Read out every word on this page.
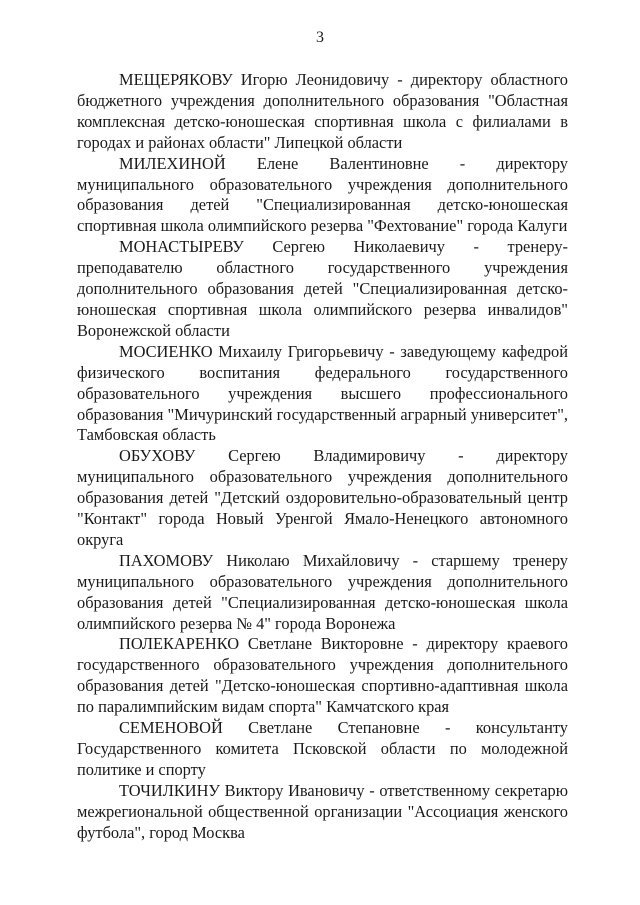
3

МЕЩЕРЯКОВУ Игорю Леонидовичу - директору областного бюджетного учреждения дополнительного образования "Областная комплексная детско-юношеская спортивная школа с филиалами в городах и районах области" Липецкой области

МИЛЕХИНОЙ Елене Валентиновне - директору муниципального образовательного учреждения дополнительного образования детей "Специализированная детско-юношеская спортивная школа олимпийского резерва "Фехтование" города Калуги

МОНАСТЫРЕВУ Сергею Николаевичу - тренеру-преподавателю областного государственного учреждения дополнительного образования детей "Специализированная детско-юношеская спортивная школа олимпийского резерва инвалидов" Воронежской области

МОСИЕНКО Михаилу Григорьевичу - заведующему кафедрой физического воспитания федерального государственного образовательного учреждения высшего профессионального образования "Мичуринский государственный аграрный университет", Тамбовская область

ОБУХОВУ Сергею Владимировичу - директору муниципального образовательного учреждения дополнительного образования детей "Детский оздоровительно-образовательный центр "Контакт" города Новый Уренгой Ямало-Ненецкого автономного округа

ПАХОМОВУ Николаю Михайловичу - старшему тренеру муниципального образовательного учреждения дополнительного образования детей "Специализированная детско-юношеская школа олимпийского резерва № 4" города Воронежа

ПОЛЕКАРЕНКО Светлане Викторовне - директору краевого государственного образовательного учреждения дополнительного образования детей "Детско-юношеская спортивно-адаптивная школа по паралимпийским видам спорта" Камчатского края

СЕМЕНОВОЙ Светлане Степановне - консультанту Государственного комитета Псковской области по молодежной политике и спорту

ТОЧИЛКИНУ Виктору Ивановичу - ответственному секретарю межрегиональной общественной организации "Ассоциация женского футбола", город Москва
